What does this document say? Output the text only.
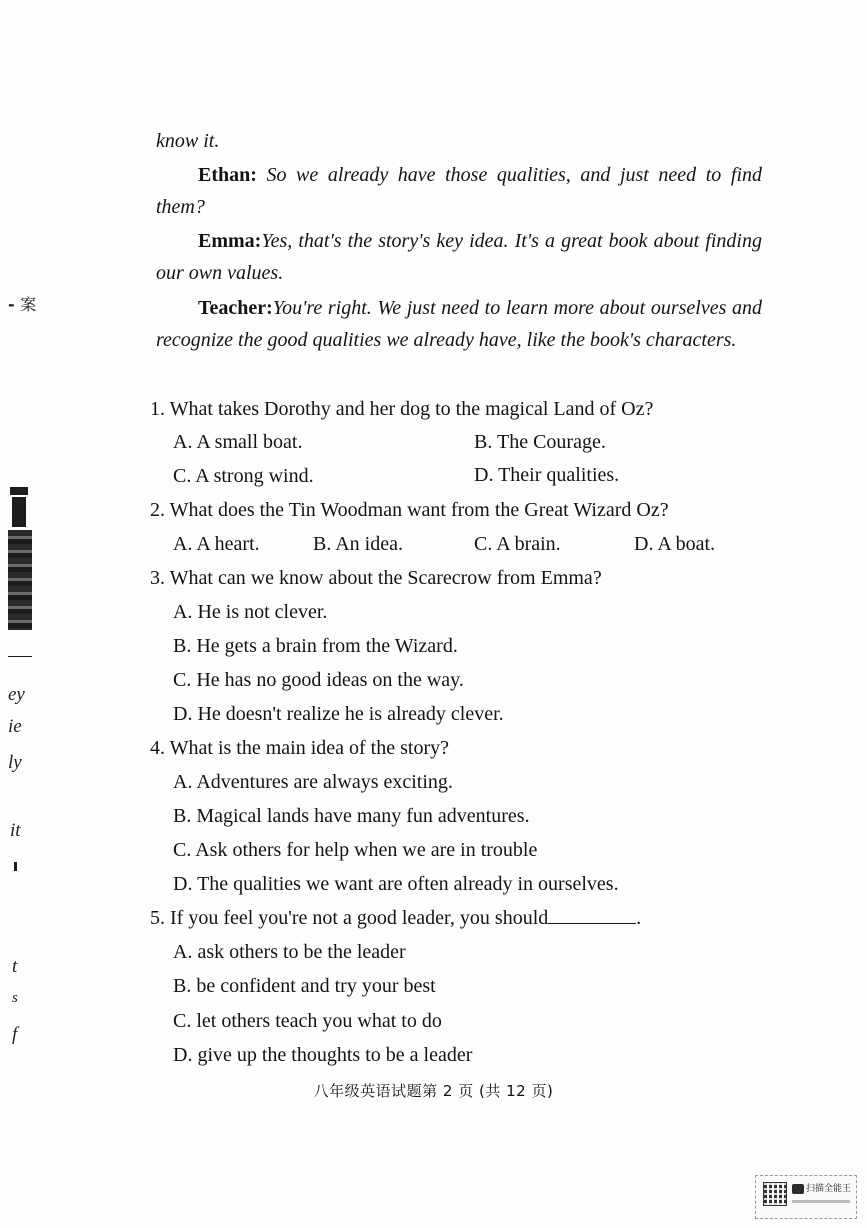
- 案
ey
ie
ly
it
t
s
f
know it.
Ethan: So we already have those qualities, and just need to find them?
Emma:Yes, that's the story's key idea. It's a great book about finding our own values.
Teacher:You're right. We just need to learn more about ourselves and recognize the good qualities we already have, like the book's characters.
1. What takes Dorothy and her dog to the magical Land of Oz?
A. A small boat.	B. The Courage.
C. A strong wind.	D. Their qualities.
2. What does the Tin Woodman want from the Great Wizard Oz?
A. A heart.	B. An idea.	C. A brain.	D. A boat.
3. What can we know about the Scarecrow from Emma?
A. He is not clever.
B. He gets a brain from the Wizard.
C. He has no good ideas on the way.
D. He doesn't realize he is already clever.
4. What is the main idea of the story?
A. Adventures are always exciting.
B. Magical lands have many fun adventures.
C. Ask others for help when we are in trouble
D. The qualities we want are often already in ourselves.
5. If you feel you're not a good leader, you should	.
A. ask others to be the leader
B. be confident and try your best
C. let others teach you what to do
D. give up the thoughts to be a leader
八年级英语试题第 2 页 (共 12 页)
扫描全能王
